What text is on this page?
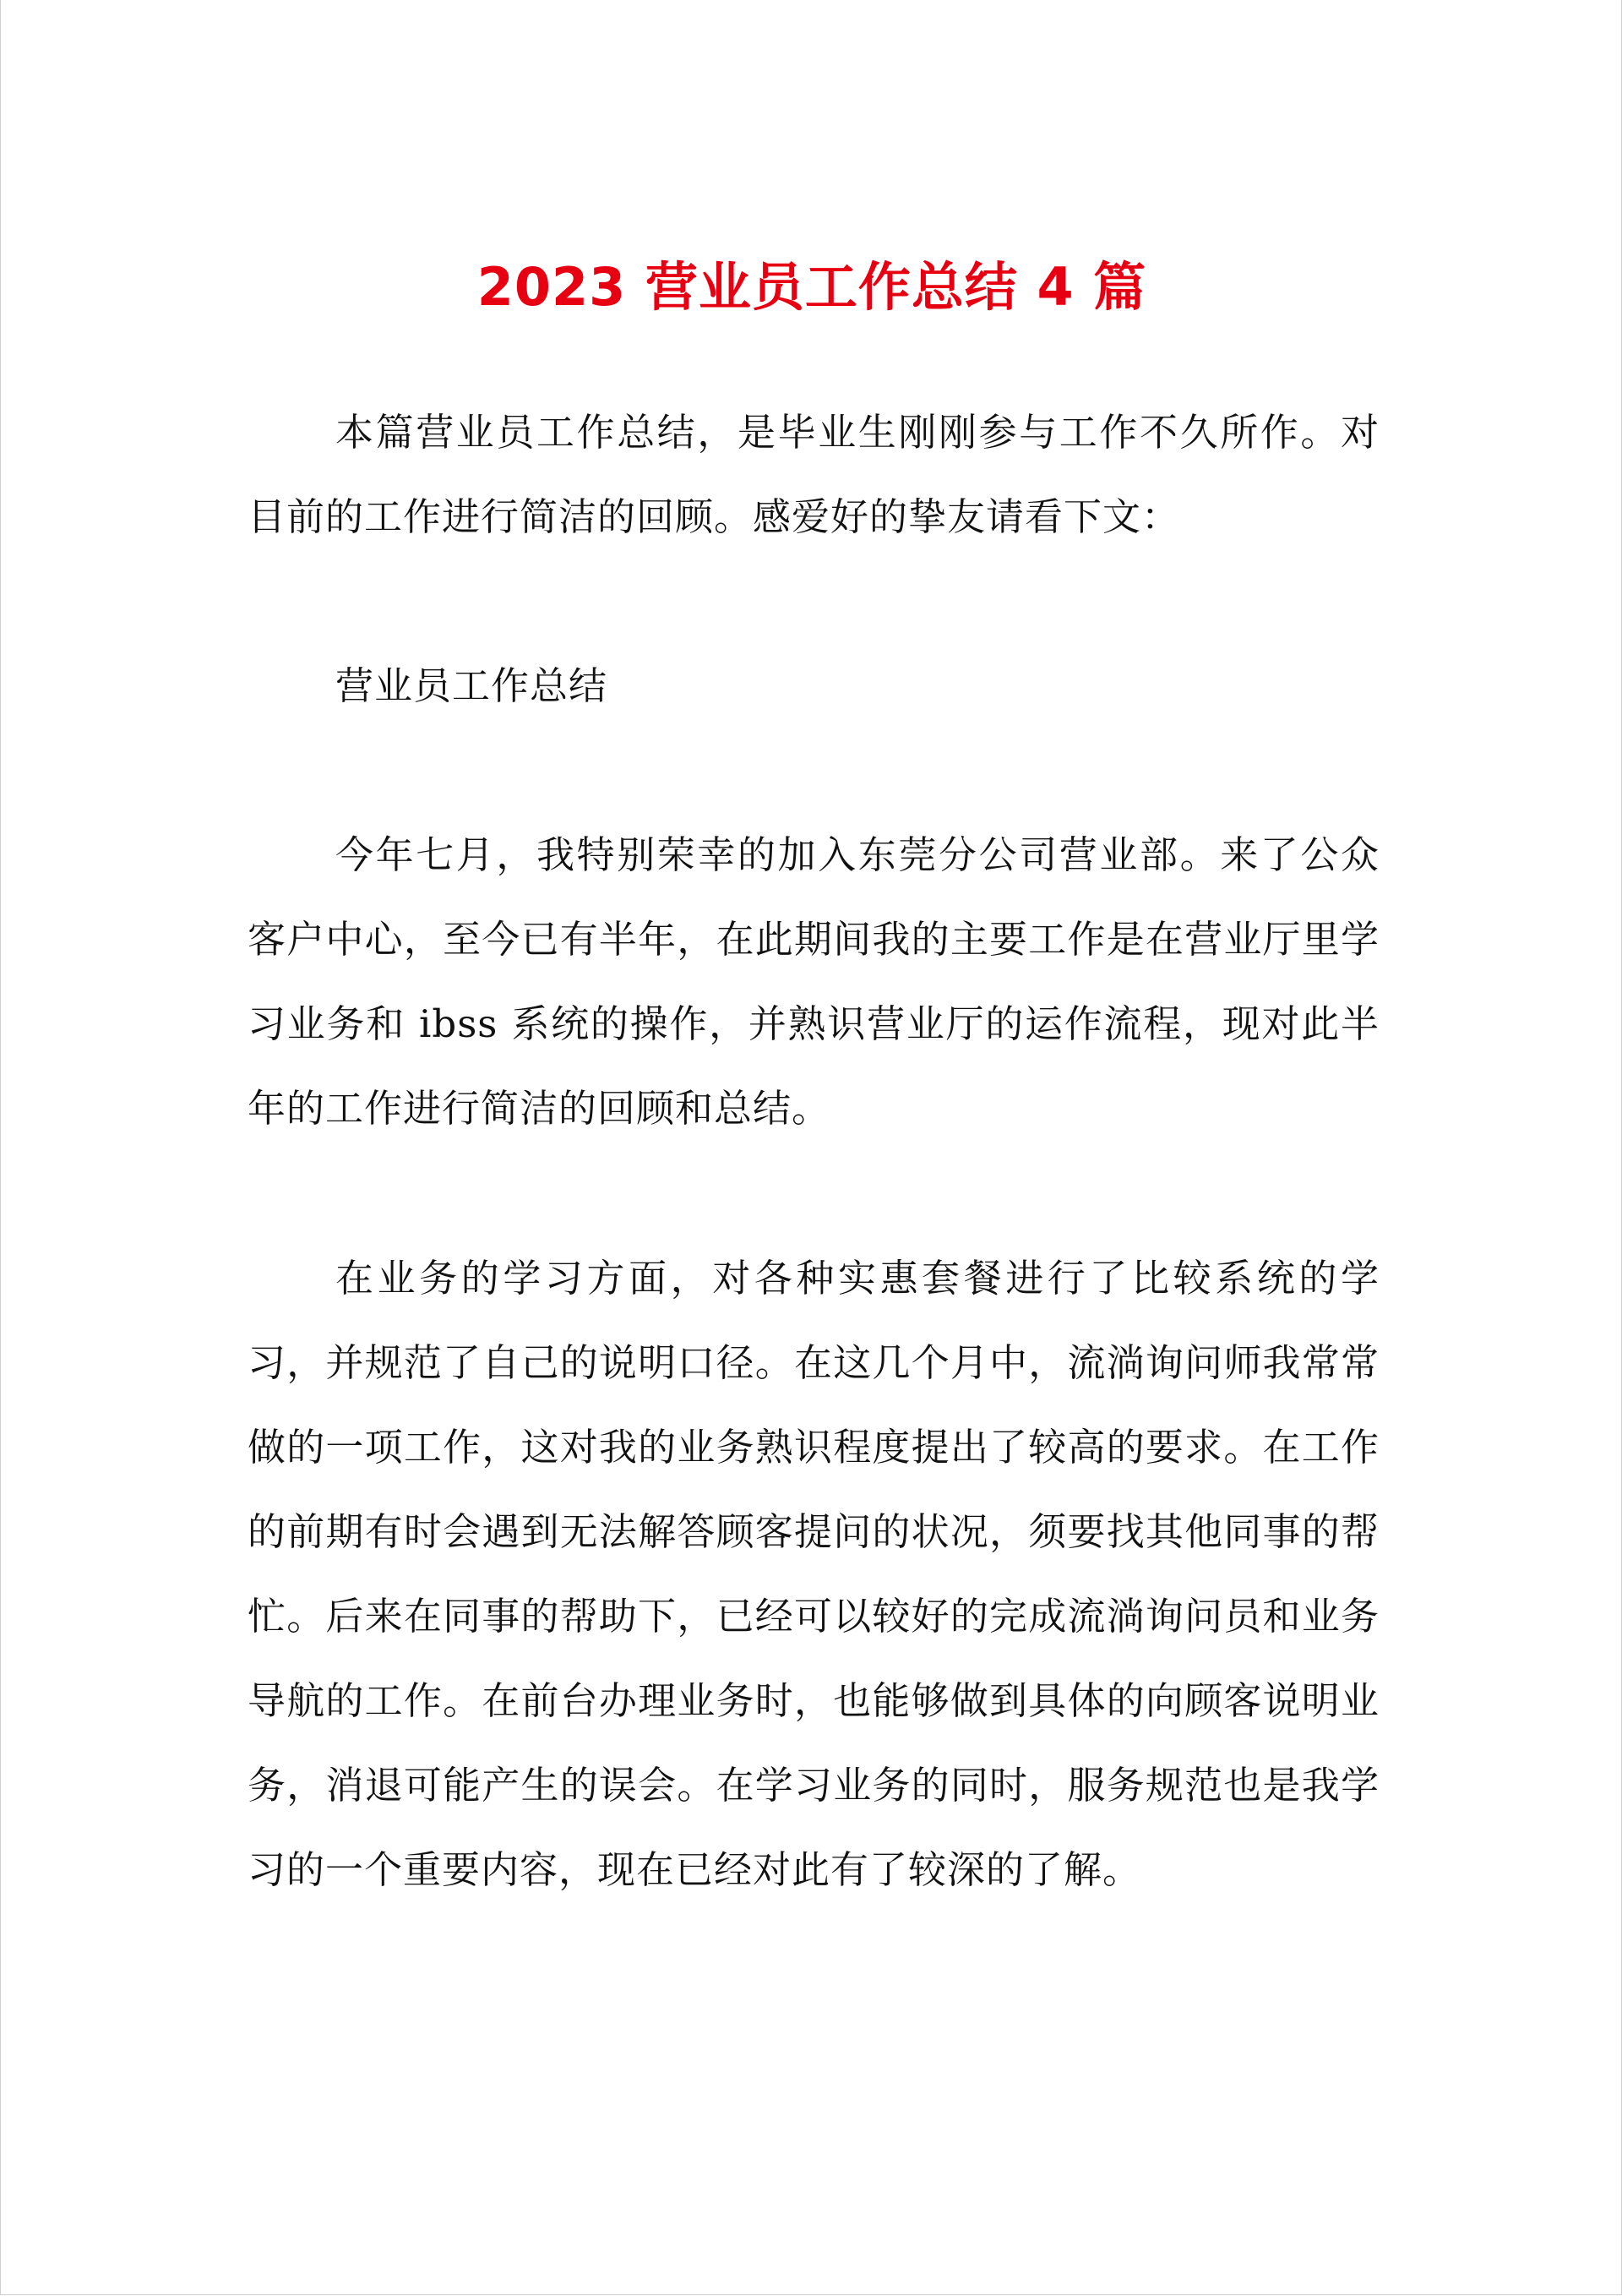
2023 营业员工作总结 4 篇

本篇营业员工作总结，是毕业生刚刚参与工作不久所作。对目前的工作进行简洁的回顾。感爱好的挚友请看下文：

营业员工作总结

今年七月，我特别荣幸的加入东莞分公司营业部。来了公众客户中心，至今已有半年，在此期间我的主要工作是在营业厅里学习业务和 ibss 系统的操作，并熟识营业厅的运作流程，现对此半年的工作进行简洁的回顾和总结。

在业务的学习方面，对各种实惠套餐进行了比较系统的学习，并规范了自己的说明口径。在这几个月中，流淌询问师我常常做的一项工作，这对我的业务熟识程度提出了较高的要求。在工作的前期有时会遇到无法解答顾客提问的状况，须要找其他同事的帮忙。后来在同事的帮助下，已经可以较好的完成流淌询问员和业务导航的工作。在前台办理业务时，也能够做到具体的向顾客说明业务，消退可能产生的误会。在学习业务的同时，服务规范也是我学习的一个重要内容，现在已经对此有了较深的了解。
